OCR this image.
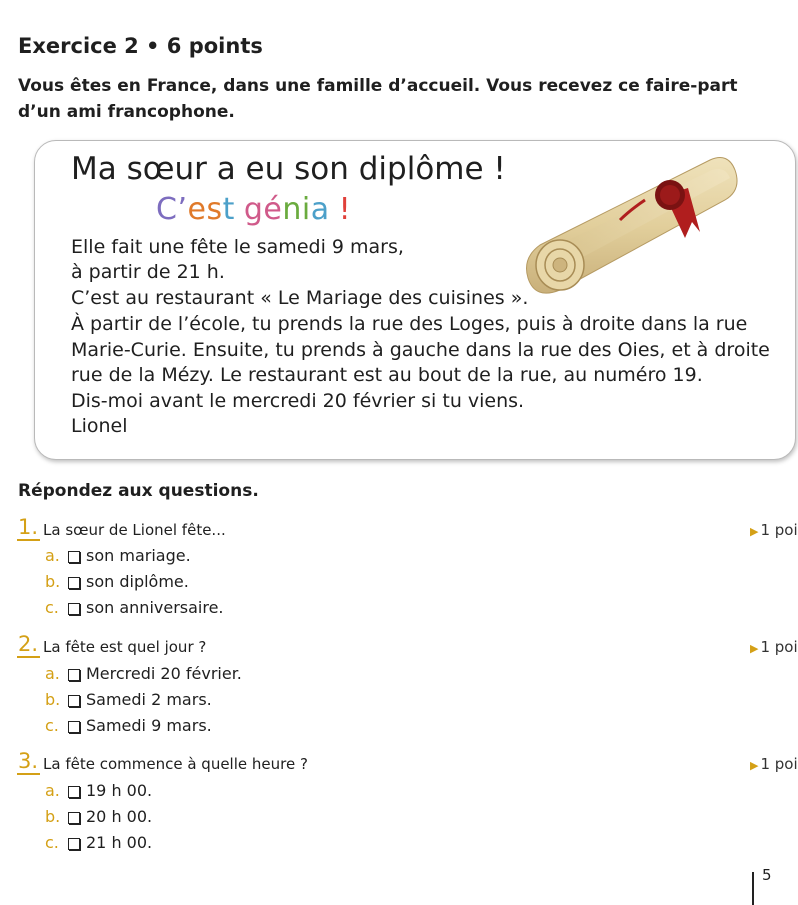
Exercice 2 • 6 points
Vous êtes en France, dans une famille d’accueil. Vous recevez ce faire-part d’un ami francophone.
Ma sœur a eu son diplôme !
C’est génia !
Elle fait une fête le samedi 9 mars,
à partir de 21 h.
C’est au restaurant « Le Mariage des cuisines ».
À partir de l’école, tu prends la rue des Loges, puis à droite dans la rue
Marie-Curie. Ensuite, tu prends à gauche dans la rue des Oies, et à droite
rue de la Mézy. Le restaurant est au bout de la rue, au numéro 19.
Dis-moi avant le mercredi 20 février si tu viens.
Lionel
Répondez aux questions.
1. La sœur de Lionel fête...	▶ 1 poi
a. son mariage.
b. son diplôme.
c. son anniversaire.
2. La fête est quel jour ?	▶ 1 poi
a. Mercredi 20 février.
b. Samedi 2 mars.
c. Samedi 9 mars.
3. La fête commence à quelle heure ?	▶ 1 poi
a. 19 h 00.
b. 20 h 00.
c. 21 h 00.
5
